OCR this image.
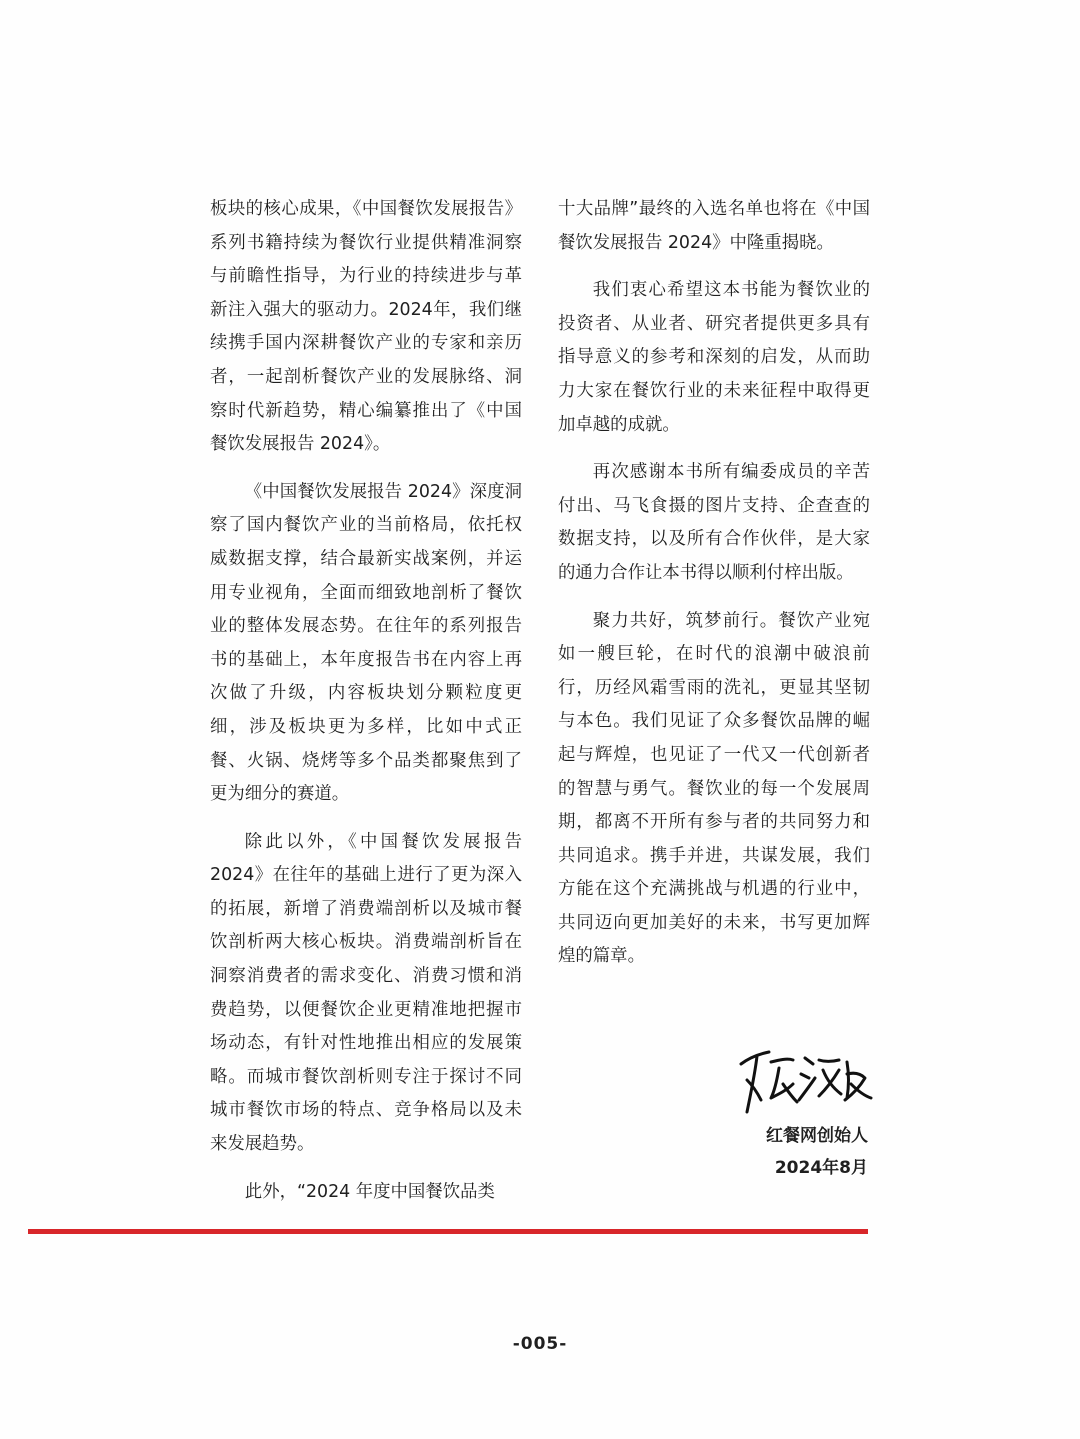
板块的核心成果，《中国餐饮发展报告》系列书籍持续为餐饮行业提供精准洞察与前瞻性指导，为行业的持续进步与革新注入强大的驱动力。2024年，我们继续携手国内深耕餐饮产业的专家和亲历者，一起剖析餐饮产业的发展脉络、洞察时代新趋势，精心编纂推出了《中国餐饮发展报告 2024》。

《中国餐饮发展报告 2024》深度洞察了国内餐饮产业的当前格局，依托权威数据支撑，结合最新实战案例，并运用专业视角，全面而细致地剖析了餐饮业的整体发展态势。在往年的系列报告书的基础上，本年度报告书在内容上再次做了升级，内容板块划分颗粒度更细，涉及板块更为多样，比如中式正餐、火锅、烧烤等多个品类都聚焦到了更为细分的赛道。

除此以外，《中国餐饮发展报告 2024》在往年的基础上进行了更为深入的拓展，新增了消费端剖析以及城市餐饮剖析两大核心板块。消费端剖析旨在洞察消费者的需求变化、消费习惯和消费趋势，以便餐饮企业更精准地把握市场动态，有针对性地推出相应的发展策略。而城市餐饮剖析则专注于探讨不同城市餐饮市场的特点、竞争格局以及未来发展趋势。

此外，“2024 年度中国餐饮品类

十大品牌”最终的入选名单也将在《中国餐饮发展报告 2024》中隆重揭晓。

我们衷心希望这本书能为餐饮业的投资者、从业者、研究者提供更多具有指导意义的参考和深刻的启发，从而助力大家在餐饮行业的未来征程中取得更加卓越的成就。

再次感谢本书所有编委成员的辛苦付出、马飞食摄的图片支持、企查查的数据支持，以及所有合作伙伴，是大家的通力合作让本书得以顺利付梓出版。

聚力共好，筑梦前行。餐饮产业宛如一艘巨轮，在时代的浪潮中破浪前行，历经风霜雪雨的洗礼，更显其坚韧与本色。我们见证了众多餐饮品牌的崛起与辉煌，也见证了一代又一代创新者的智慧与勇气。餐饮业的每一个发展周期，都离不开所有参与者的共同努力和共同追求。携手并进，共谋发展，我们方能在这个充满挑战与机遇的行业中，共同迈向更加美好的未来，书写更加辉煌的篇章。

红餐网创始人
2024年8月
-005-
